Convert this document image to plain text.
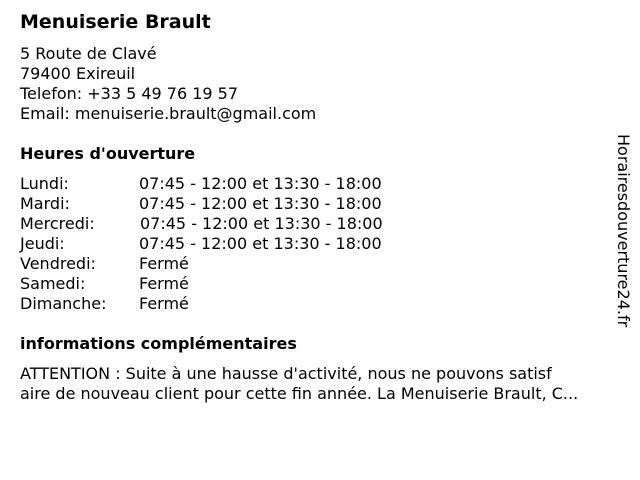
Menuiserie Brault
5 Route de Clavé
79400 Exireuil
Telefon: +33 5 49 76 19 57
Email: menuiserie.brault@gmail.com
Heures d'ouverture
Lundi:	07:45 - 12:00 et 13:30 - 18:00
Mardi:	07:45 - 12:00 et 13:30 - 18:00
Mercredi:	07:45 - 12:00 et 13:30 - 18:00
Jeudi:	07:45 - 12:00 et 13:30 - 18:00
Vendredi:	Fermé
Samedi:	Fermé
Dimanche: Fermé
informations complémentaires
ATTENTION : Suite à une hausse d'activité, nous ne pouvons satisf
aire de nouveau client pour cette fin année. La Menuiserie Brault, C...
Horairesdouverture24.fr
